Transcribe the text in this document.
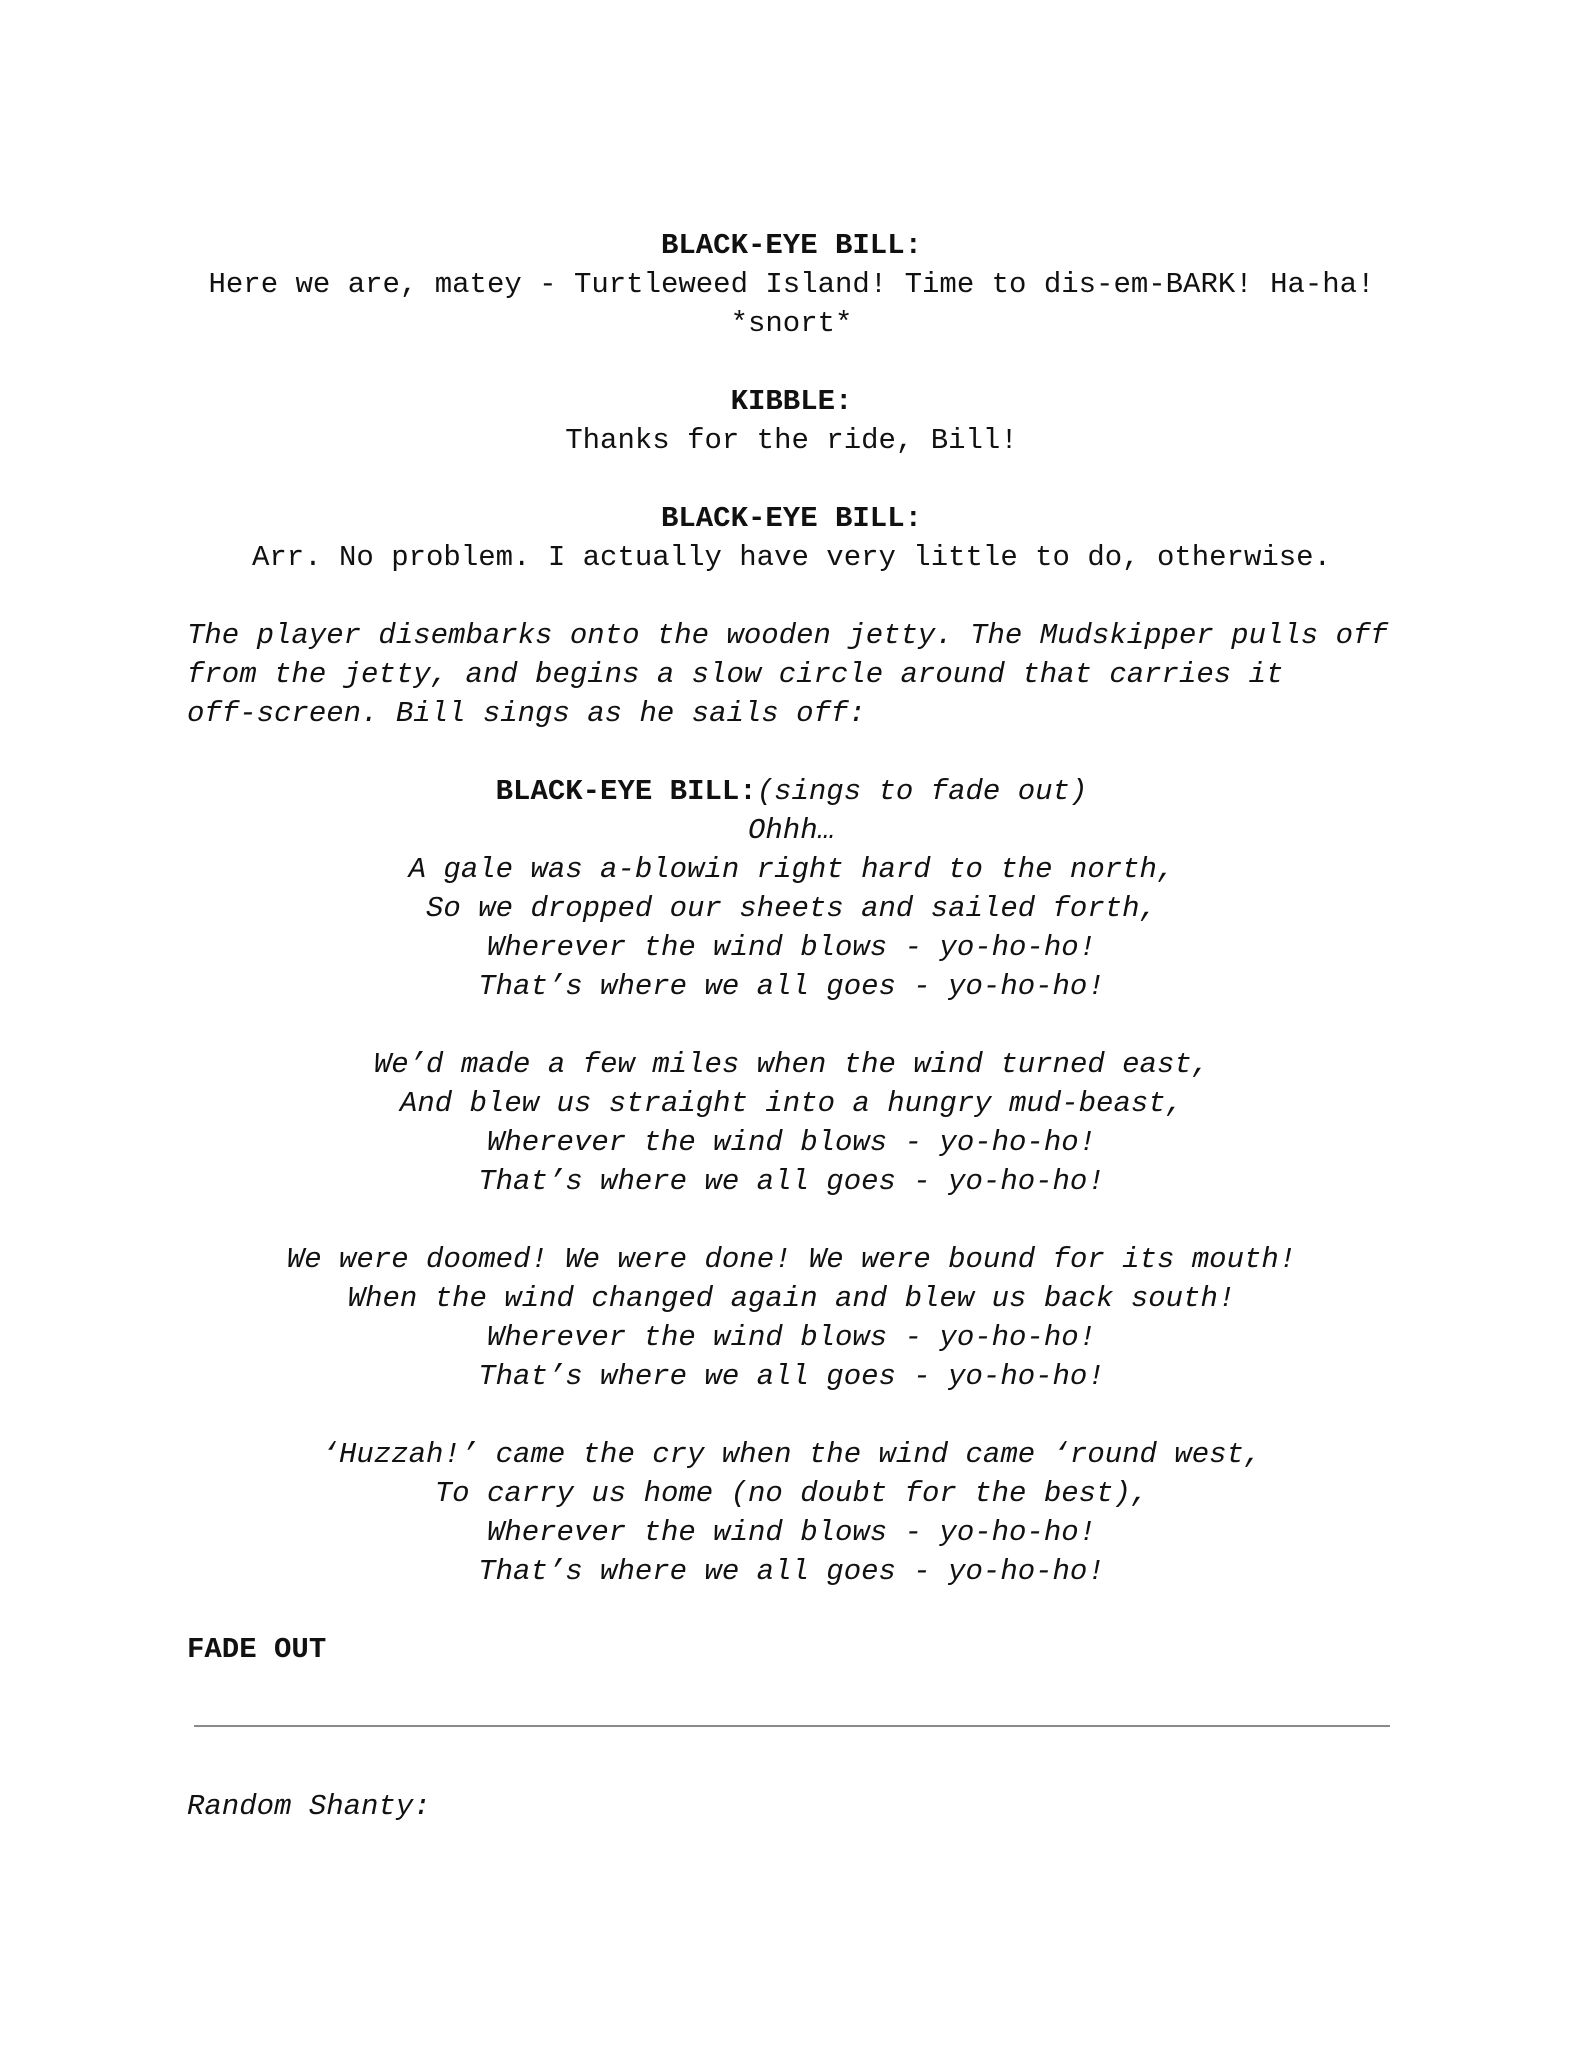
BLACK-EYE BILL:
Here we are, matey - Turtleweed Island! Time to dis-em-BARK! Ha-ha!
*snort*
KIBBLE:
Thanks for the ride, Bill!
BLACK-EYE BILL:
Arr. No problem. I actually have very little to do, otherwise.
The player disembarks onto the wooden jetty. The Mudskipper pulls off
from the jetty, and begins a slow circle around that carries it
off-screen. Bill sings as he sails off:
BLACK-EYE BILL:(sings to fade out)
Ohhh…
A gale was a-blowin right hard to the north,
So we dropped our sheets and sailed forth,
Wherever the wind blows - yo-ho-ho!
That’s where we all goes - yo-ho-ho!
We’d made a few miles when the wind turned east,
And blew us straight into a hungry mud-beast,
Wherever the wind blows - yo-ho-ho!
That’s where we all goes - yo-ho-ho!
We were doomed! We were done! We were bound for its mouth!
When the wind changed again and blew us back south!
Wherever the wind blows - yo-ho-ho!
That’s where we all goes - yo-ho-ho!
‘Huzzah!’ came the cry when the wind came ‘round west,
To carry us home (no doubt for the best),
Wherever the wind blows - yo-ho-ho!
That’s where we all goes - yo-ho-ho!
FADE OUT
Random Shanty:
